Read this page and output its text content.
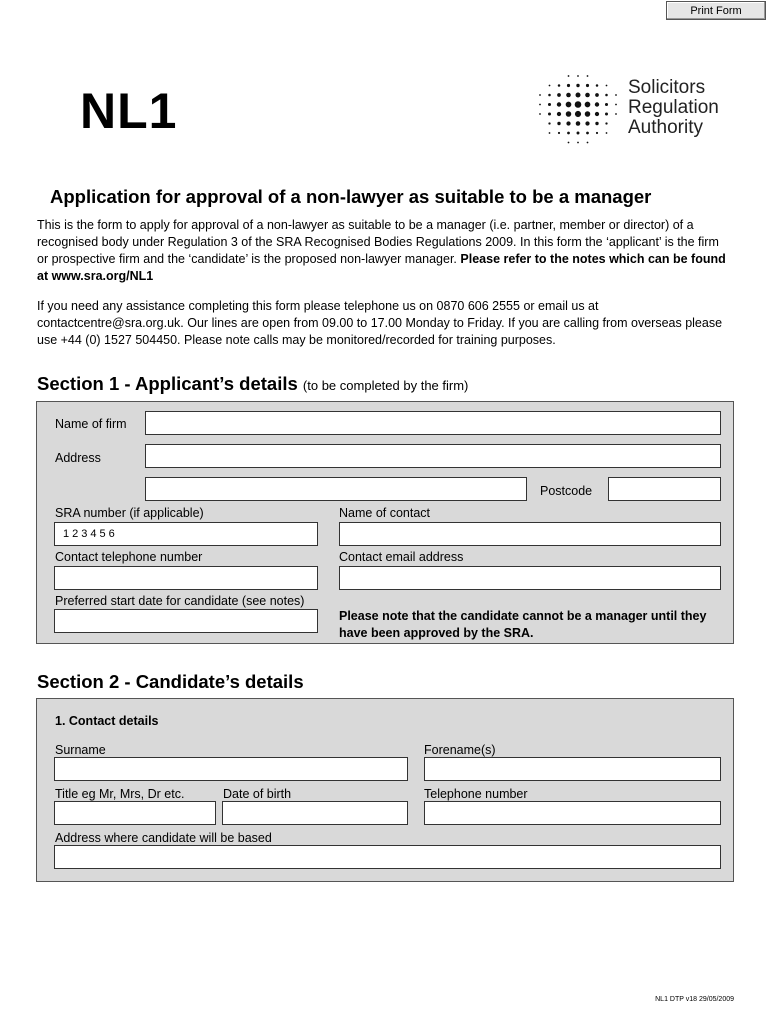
Print Form
NL1	Solicitors
Regulation
Authority
Application for approval of a non-lawyer as suitable to be a manager

This is the form to apply for approval of a non-lawyer as suitable to be a manager (i.e. partner, member or director) of a recognised body under Regulation 3 of the SRA Recognised Bodies Regulations 2009. In this form the ‘applicant’ is the firm or prospective firm and the ‘candidate’ is the proposed non-lawyer manager. Please refer to the notes which can be found at www.sra.org/NL1

If you need any assistance completing this form please telephone us on 0870 606 2555 or email us at contactcentre@sra.org.uk. Our lines are open from 09.00 to 17.00 Monday to Friday. If you are calling from overseas please use +44 (0) 1527 504450. Please note calls may be monitored/recorded for training purposes.

Section 1 - Applicant’s details (to be completed by the firm)
Name of firm
Address
Postcode
SRA number (if applicable)
123456
Name of contact
Contact telephone number	Contact email address
Preferred start date for candidate (see notes)
Please note that the candidate cannot be a manager until they have been approved by the SRA.
Section 2 - Candidate’s details
1. Contact details
Surname	Forename(s)
Title eg Mr, Mrs, Dr etc.	Date of birth	Telephone number
Address where candidate will be based
NL1 DTP v18 29/05/2009
